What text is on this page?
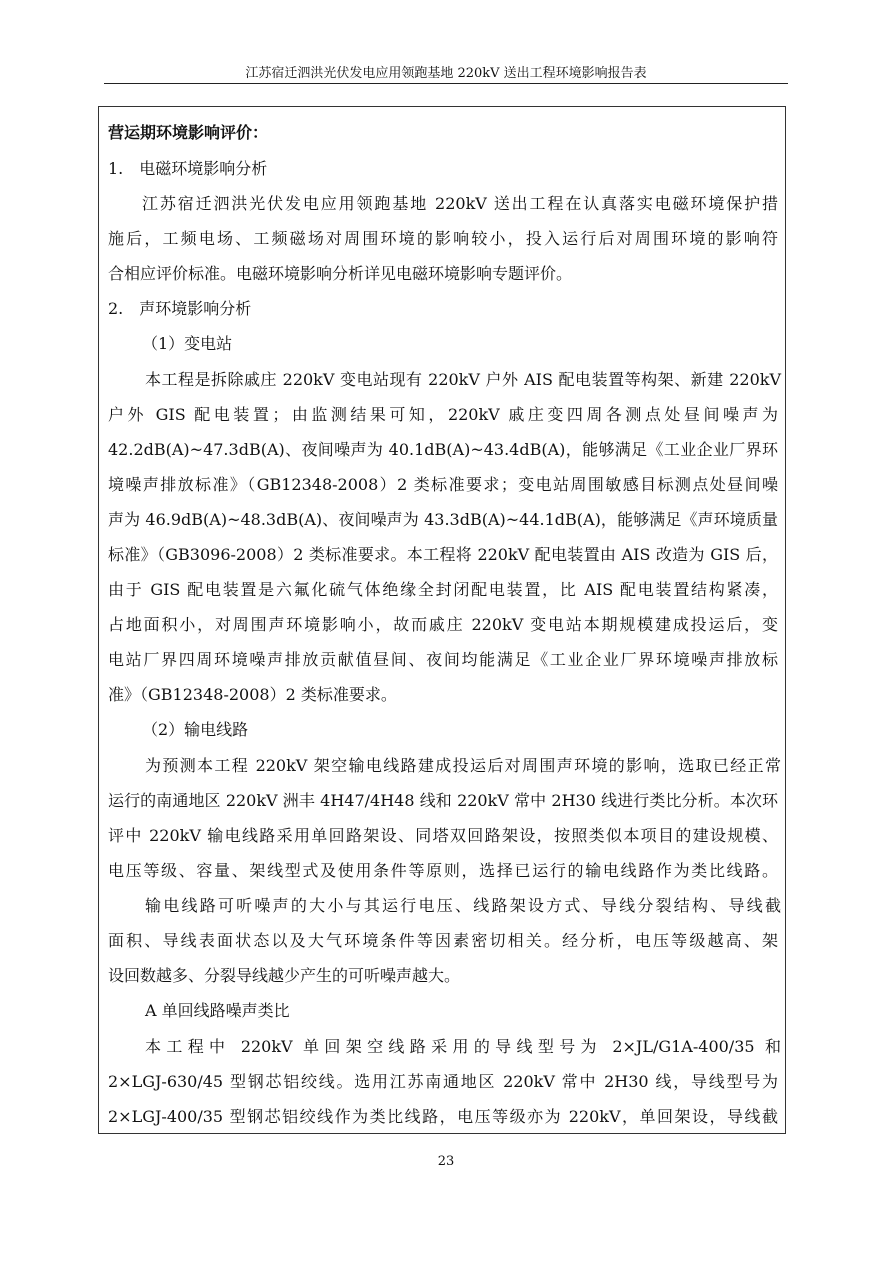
江苏宿迁泗洪光伏发电应用领跑基地 220kV 送出工程环境影响报告表
营运期环境影响评价：
1.　电磁环境影响分析
江苏宿迁泗洪光伏发电应用领跑基地 220kV 送出工程在认真落实电磁环境保护措
施后，工频电场、工频磁场对周围环境的影响较小，投入运行后对周围环境的影响符
合相应评价标准。电磁环境影响分析详见电磁环境影响专题评价。
2.　声环境影响分析
（1）变电站
本工程是拆除戚庄 220kV 变电站现有 220kV 户外 AIS 配电装置等构架、新建 220kV
户外 GIS 配电装置；由监测结果可知，220kV 戚庄变四周各测点处昼间噪声为
42.2dB(A)~47.3dB(A)、夜间噪声为 40.1dB(A)~43.4dB(A)，能够满足《工业企业厂界环
境噪声排放标准》（GB12348-2008）2 类标准要求；变电站周围敏感目标测点处昼间噪
声为 46.9dB(A)~48.3dB(A)、夜间噪声为 43.3dB(A)~44.1dB(A)，能够满足《声环境质量
标准》（GB3096-2008）2 类标准要求。本工程将 220kV 配电装置由 AIS 改造为 GIS 后，
由于 GIS 配电装置是六氟化硫气体绝缘全封闭配电装置，比 AIS 配电装置结构紧凑，
占地面积小，对周围声环境影响小，故而戚庄 220kV 变电站本期规模建成投运后，变
电站厂界四周环境噪声排放贡献值昼间、夜间均能满足《工业企业厂界环境噪声排放标
准》（GB12348-2008）2 类标准要求。
（2）输电线路
为预测本工程 220kV 架空输电线路建成投运后对周围声环境的影响，选取已经正常
运行的南通地区 220kV 洲丰 4H47/4H48 线和 220kV 常中 2H30 线进行类比分析。本次环
评中 220kV 输电线路采用单回路架设、同塔双回路架设，按照类似本项目的建设规模、
电压等级、容量、架线型式及使用条件等原则，选择已运行的输电线路作为类比线路。
输电线路可听噪声的大小与其运行电压、线路架设方式、导线分裂结构、导线截
面积、导线表面状态以及大气环境条件等因素密切相关。经分析，电压等级越高、架
设回数越多、分裂导线越少产生的可听噪声越大。
A 单回线路噪声类比
本工程中 220kV 单回架空线路采用的导线型号为 2×JL/G1A-400/35 和
2×LGJ-630/45 型钢芯铝绞线。选用江苏南通地区 220kV 常中 2H30 线，导线型号为
2×LGJ-400/35 型钢芯铝绞线作为类比线路，电压等级亦为 220kV，单回架设，导线截
23
